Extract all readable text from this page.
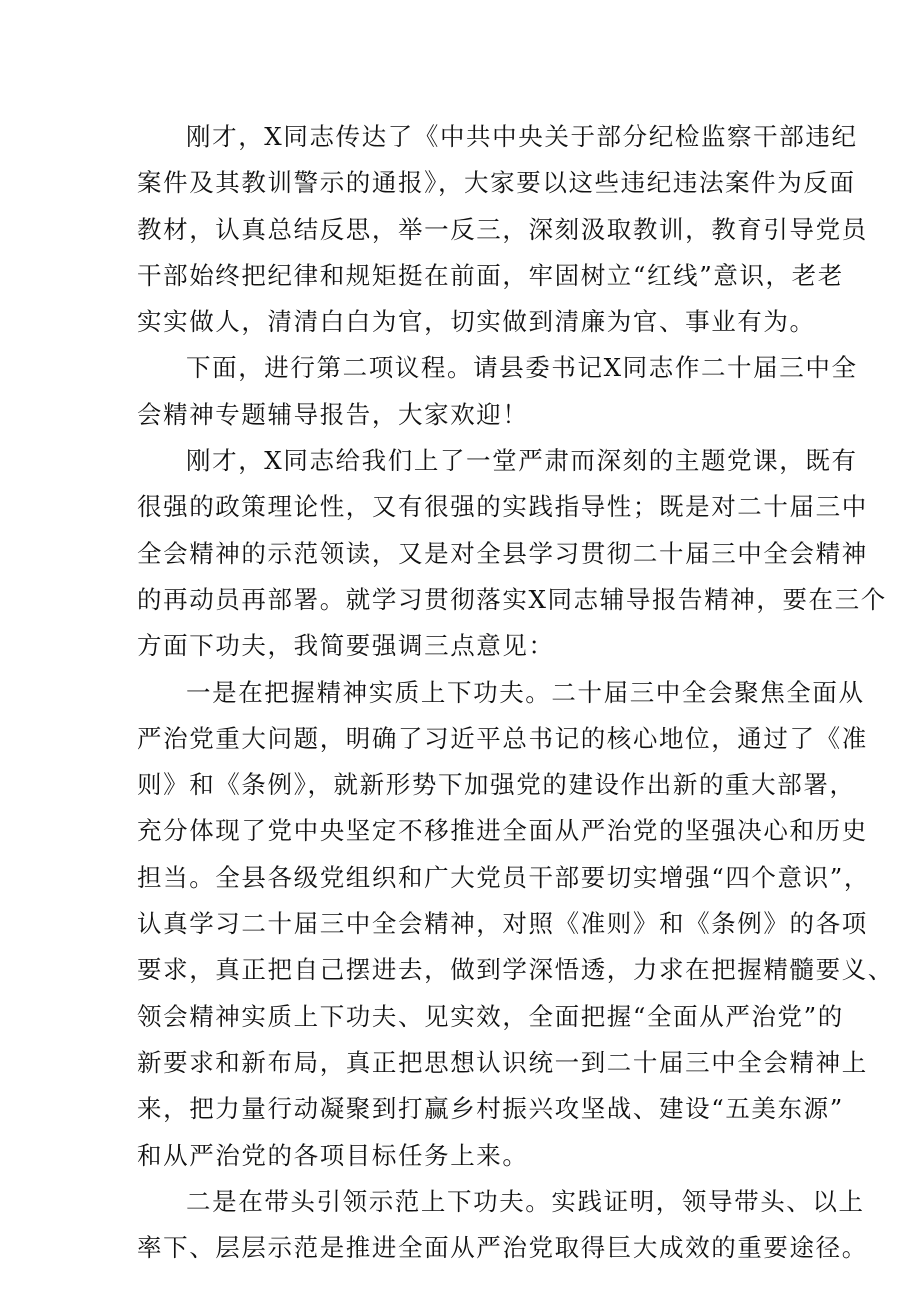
刚才，X同志传达了《中共中央关于部分纪检监察干部违纪
案件及其教训警示的通报》，大家要以这些违纪违法案件为反面
教材，认真总结反思，举一反三，深刻汲取教训，教育引导党员
干部始终把纪律和规矩挺在前面，牢固树立“红线”意识，老老
实实做人，清清白白为官，切实做到清廉为官、事业有为。
下面，进行第二项议程。请县委书记X同志作二十届三中全
会精神专题辅导报告，大家欢迎！
刚才，X同志给我们上了一堂严肃而深刻的主题党课，既有
很强的政策理论性，又有很强的实践指导性；既是对二十届三中
全会精神的示范领读，又是对全县学习贯彻二十届三中全会精神
的再动员再部署。就学习贯彻落实X同志辅导报告精神，要在三个
方面下功夫，我简要强调三点意见：
一是在把握精神实质上下功夫。二十届三中全会聚焦全面从
严治党重大问题，明确了习近平总书记的核心地位，通过了《准
则》和《条例》，就新形势下加强党的建设作出新的重大部署，
充分体现了党中央坚定不移推进全面从严治党的坚强决心和历史
担当。全县各级党组织和广大党员干部要切实增强“四个意识”，
认真学习二十届三中全会精神，对照《准则》和《条例》的各项
要求，真正把自己摆进去，做到学深悟透，力求在把握精髓要义、
领会精神实质上下功夫、见实效，全面把握“全面从严治党”的
新要求和新布局，真正把思想认识统一到二十届三中全会精神上
来，把力量行动凝聚到打赢乡村振兴攻坚战、建设“五美东源”
和从严治党的各项目标任务上来。
二是在带头引领示范上下功夫。实践证明，领导带头、以上
率下、层层示范是推进全面从严治党取得巨大成效的重要途径。
